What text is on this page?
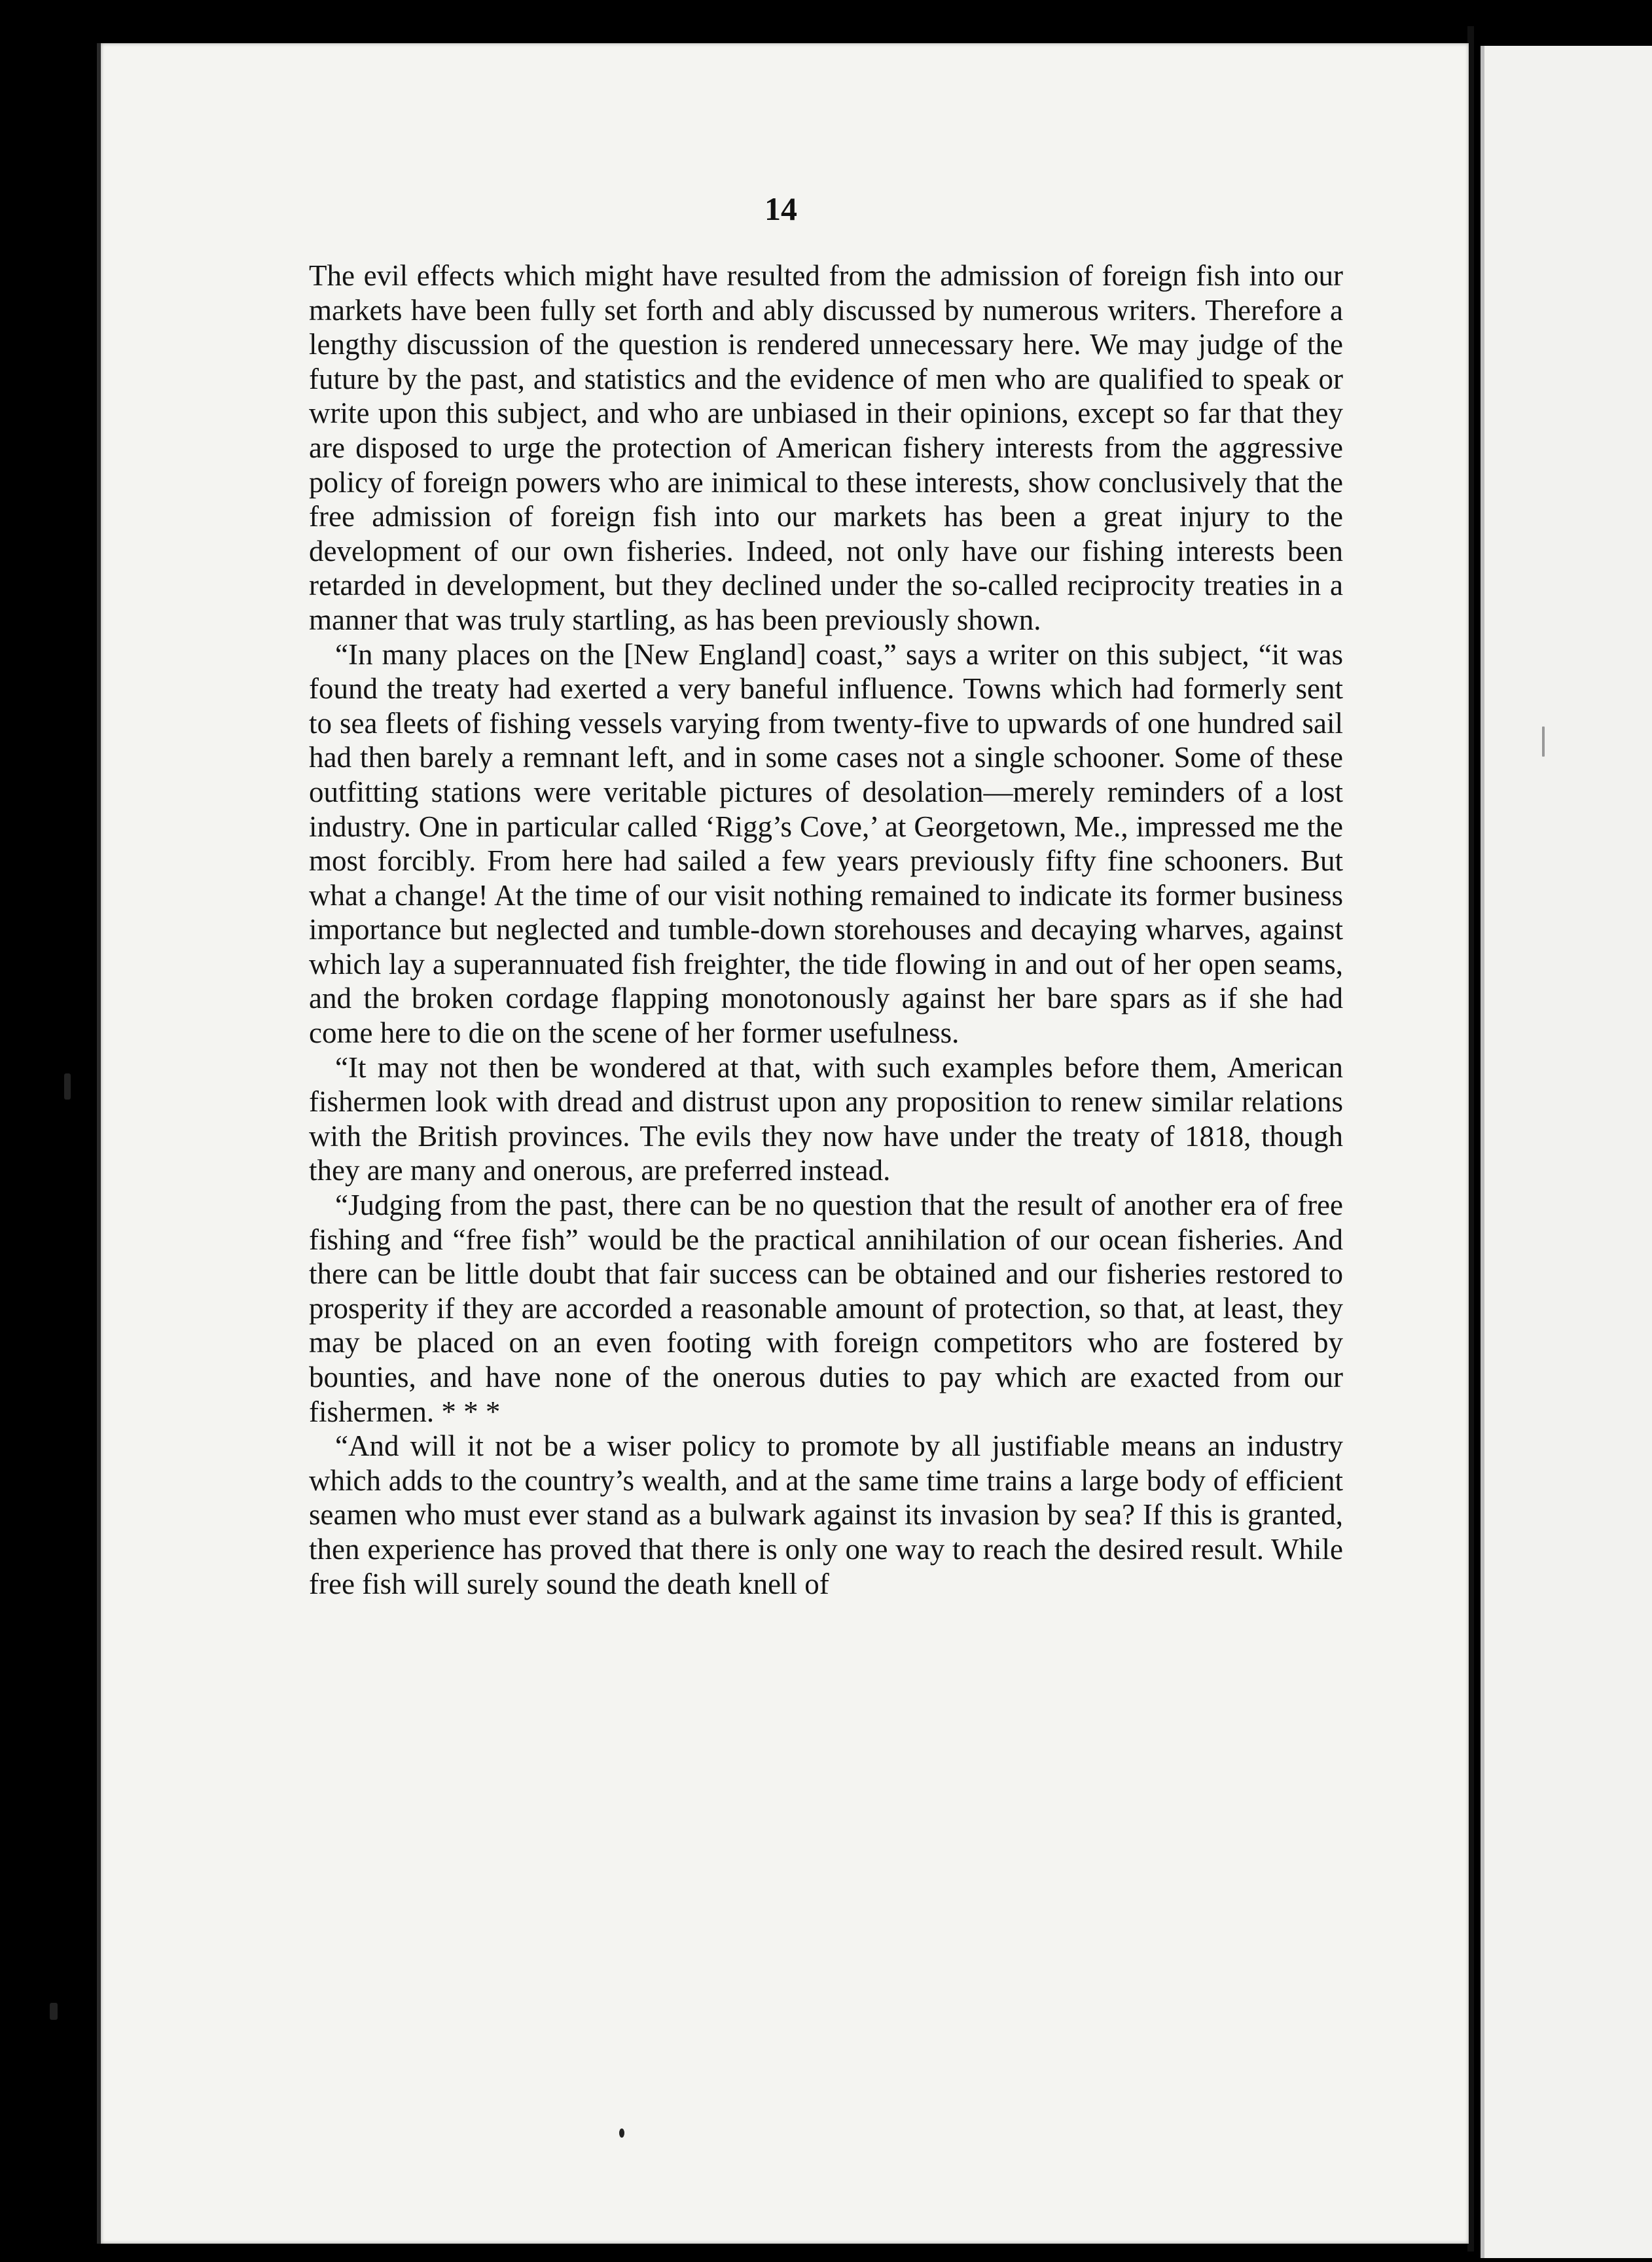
14

The evil effects which might have resulted from the admission of foreign fish into our markets have been fully set forth and ably discussed by numerous writers. Therefore a lengthy discussion of the question is rendered unnecessary here. We may judge of the future by the past, and statistics and the evidence of men who are qualified to speak or write upon this subject, and who are unbiased in their opinions, except so far that they are disposed to urge the protection of American fishery interests from the aggressive policy of foreign powers who are inimical to these interests, show conclusively that the free admission of foreign fish into our markets has been a great injury to the development of our own fisheries. Indeed, not only have our fishing interests been retarded in development, but they declined under the so-called reciprocity treaties in a manner that was truly startling, as has been previously shown.

“In many places on the [New England] coast,” says a writer on this subject, “it was found the treaty had exerted a very baneful influence. Towns which had formerly sent to sea fleets of fishing vessels varying from twenty-five to upwards of one hundred sail had then barely a remnant left, and in some cases not a single schooner. Some of these outfitting stations were veritable pictures of desolation—merely reminders of a lost industry. One in particular called ‘Rigg’s Cove,’ at Georgetown, Me., impressed me the most forcibly. From here had sailed a few years previously fifty fine schooners. But what a change! At the time of our visit nothing remained to indicate its former business importance but neglected and tumble-down storehouses and decaying wharves, against which lay a superannuated fish freighter, the tide flowing in and out of her open seams, and the broken cordage flapping monotonously against her bare spars as if she had come here to die on the scene of her former usefulness.

“It may not then be wondered at that, with such examples before them, American fishermen look with dread and distrust upon any proposition to renew similar relations with the British provinces. The evils they now have under the treaty of 1818, though they are many and onerous, are preferred instead.

“Judging from the past, there can be no question that the result of another era of free fishing and “free fish” would be the practical annihilation of our ocean fisheries. And there can be little doubt that fair success can be obtained and our fisheries restored to prosperity if they are accorded a reasonable amount of protection, so that, at least, they may be placed on an even footing with foreign competitors who are fostered by bounties, and have none of the onerous duties to pay which are exacted from our fishermen. * * *

“And will it not be a wiser policy to promote by all justifiable means an industry which adds to the country’s wealth, and at the same time trains a large body of efficient seamen who must ever stand as a bulwark against its invasion by sea? If this is granted, then experience has proved that there is only one way to reach the desired result. While free fish will surely sound the death knell of
